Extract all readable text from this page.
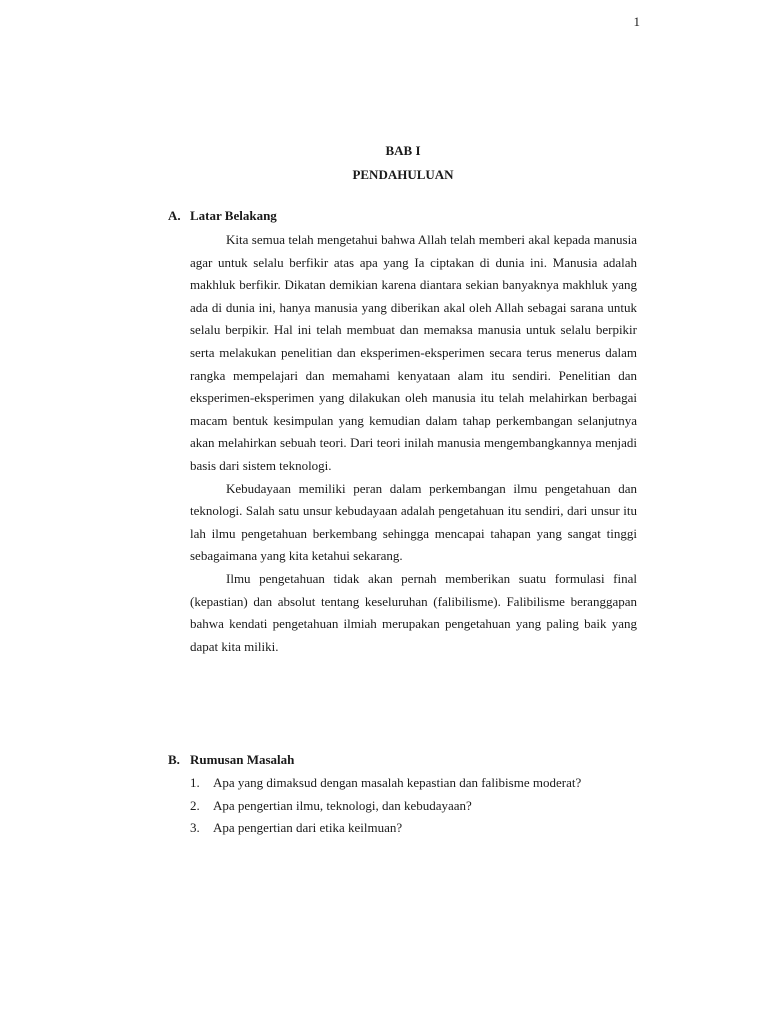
1
BAB I
PENDAHULUAN
A. Latar Belakang

Kita semua telah mengetahui bahwa Allah telah memberi akal kepada manusia agar untuk selalu berfikir atas apa yang Ia ciptakan di dunia ini. Manusia adalah makhluk berfikir. Dikatan demikian karena diantara sekian banyaknya makhluk yang ada di dunia ini, hanya manusia yang diberikan akal oleh Allah sebagai sarana untuk selalu berpikir. Hal ini telah membuat dan memaksa manusia untuk selalu berpikir serta melakukan penelitian dan eksperimen-eksperimen secara terus menerus dalam rangka mempelajari dan memahami kenyataan alam itu sendiri. Penelitian dan eksperimen-eksperimen yang dilakukan oleh manusia itu telah melahirkan berbagai macam bentuk kesimpulan yang kemudian dalam tahap perkembangan selanjutnya akan melahirkan sebuah teori. Dari teori inilah manusia mengembangkannya menjadi basis dari sistem teknologi.

Kebudayaan memiliki peran dalam perkembangan ilmu pengetahuan dan teknologi. Salah satu unsur kebudayaan adalah pengetahuan itu sendiri, dari unsur itu lah ilmu pengetahuan berkembang sehingga mencapai tahapan yang sangat tinggi sebagaimana yang kita ketahui sekarang.

Ilmu pengetahuan tidak akan pernah memberikan suatu formulasi final (kepastian) dan absolut tentang keseluruhan (falibilisme). Falibilisme beranggapan bahwa kendati pengetahuan ilmiah merupakan pengetahuan yang paling baik yang dapat kita miliki.

B. Rumusan Masalah
1.	Apa yang dimaksud dengan masalah kepastian dan falibisme moderat?
2.	Apa pengertian ilmu, teknologi, dan kebudayaan?
3.	Apa pengertian dari etika keilmuan?
